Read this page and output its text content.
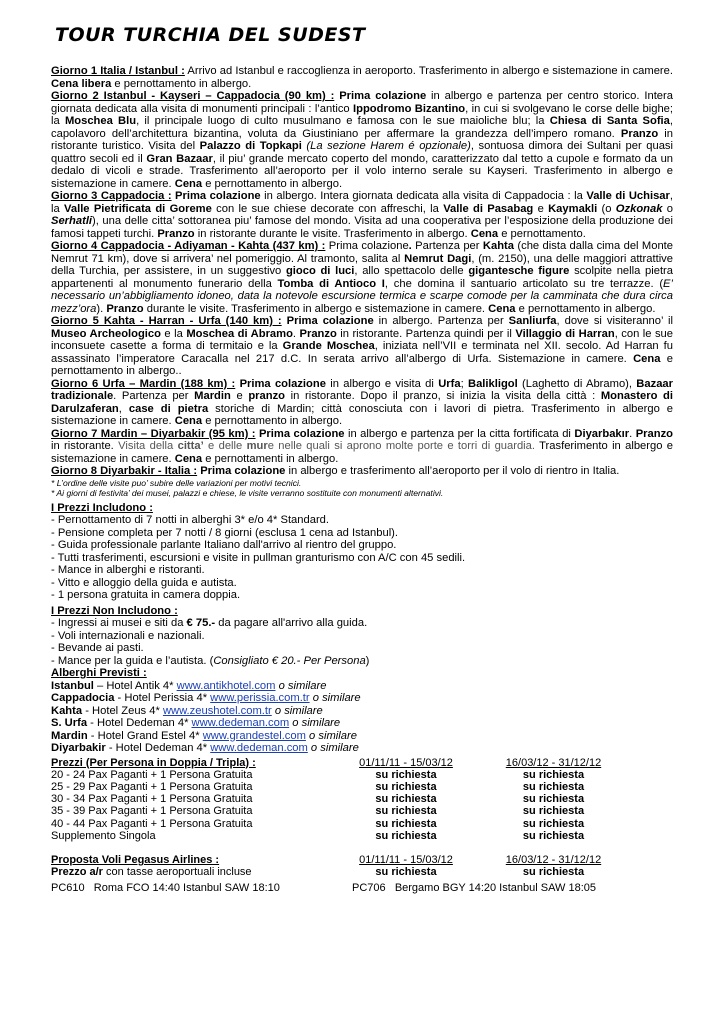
TOUR TURCHIA DEL SUDEST

Giorno 1 Italia / Istanbul : Arrivo ad Istanbul e raccoglienza in aeroporto. Trasferimento in albergo e sistemazione in camere. Cena libera e pernottamento in albergo.

Giorno 2 Istanbul - Kayseri – Cappadocia (90 km) : Prima colazione in albergo e partenza per centro storico. Intera giornata dedicata alla visita di monumenti principali : l’antico Ippodromo Bizantino, in cui si svolgevano le corse delle bighe; la Moschea Blu, il principale luogo di culto musulmano e famosa con le sue maioliche blu; la Chiesa di Santa Sofia, capolavoro dell’architettura bizantina, voluta da Giustiniano per affermare la grandezza dell’impero romano. Pranzo in ristorante turistico. Visita del Palazzo di Topkapi (La sezione Harem é opzionale), sontuosa dimora dei Sultani per quasi quattro secoli ed il Gran Bazaar, il piu’ grande mercato coperto del mondo, caratterizzato dal tetto a cupole e formato da un dedalo di vicoli e strade. Trasferimento all’aeroporto per il volo interno serale su Kayseri. Trasferimento in albergo e sistemazione in camere. Cena e pernottamento in albergo.

Giorno 3 Cappadocia : Prima colazione in albergo. Intera giornata dedicata alla visita di Cappadocia : la Valle di Uchisar, la Valle Pietrificata di Goreme con le sue chiese decorate con affreschi, la Valle di Pasabag e Kaymakli (o Ozkonak o Serhatli), una delle citta’ sottoranea piu’ famose del mondo. Visita ad una cooperativa per l’esposizione della produzione dei famosi tappeti turchi. Pranzo in ristorante durante le visite. Trasferimento in albergo. Cena e pernottamento.

Giorno 4 Cappadocia - Adiyaman - Kahta (437 km) : Prima colazione. Partenza per Kahta (che dista dalla cima del Monte Nemrut 71 km), dove si arrivera’ nel pomeriggio. Al tramonto, salita al Nemrut Dagi, (m. 2150), una delle maggiori attrattive della Turchia, per assistere, in un suggestivo gioco di luci, allo spettacolo delle gigantesche figure scolpite nella pietra appartenenti al monumento funerario della Tomba di Antioco I, che domina il santuario articolato su tre terrazze. (E’ necessario un’abbigliamento idoneo, data la notevole escursione termica e scarpe comode per la camminata che dura circa mezz’ora). Pranzo durante le visite. Trasferimento in albergo e sistemazione in camere. Cena e pernottamento in albergo.

Giorno 5 Kahta - Harran - Urfa (140 km) : Prima colazione in albergo. Partenza per Sanliurfa, dove si visiteranno’ il Museo Archeologico e la Moschea di Abramo. Pranzo in ristorante. Partenza quindi per il Villaggio di Harran, con le sue inconsuete casette a forma di termitaio e la Grande Moschea, iniziata nell’VII e terminata nel XII. secolo. Ad Harran fu assassinato l’imperatore Caracalla nel 217 d.C. In serata arrivo all’albergo di Urfa. Sistemazione in camere. Cena e pernottamento in albergo..

Giorno 6 Urfa – Mardin (188 km) : Prima colazione in albergo e visita di Urfa; Balikligol (Laghetto di Abramo), Bazaar tradizionale. Partenza per Mardin e pranzo in ristorante. Dopo il pranzo, si inizia la visita della città : Monastero di Darulzaferan, case di pietra storiche di Mardin; città conosciuta con i lavori di pietra. Trasferimento in albergo e sistemazione in camere. Cena e pernottamento in albergo.

Giorno 7 Mardin – Diyarbakir (95 km) : Prima colazione in albergo e partenza per la citta fortificata di Diyarbakır. Pranzo in ristorante. Visita della citta’ e delle mure nelle quali si aprono molte porte e torri di guardia. Trasferimento in albergo e sistemazione in camere. Cena e pernottamenti in albergo.

Giorno 8 Diyarbakir - Italia : Prima colazione in albergo e trasferimento all’aeroporto per il volo di rientro in Italia.

* L’ordine delle visite puo’ subire delle variazioni per motivi tecnici.
* Ai giorni di festivita’ dei musei, palazzi e chiese, le visite verranno sostituite con monumenti alternativi.
I Prezzi Includono :
- Pernottamento di 7 notti in alberghi 3* e/o 4* Standard.
- Pensione completa per 7 notti / 8 giorni (esclusa 1 cena ad Istanbul).
- Guida professionale parlante Italiano dall'arrivo al rientro del gruppo.
- Tutti trasferimenti, escursioni e visite in pullman granturismo con A/C con 45 sedili.
- Mance in alberghi e ristoranti.
- Vitto e alloggio della guida e autista.
- 1 persona gratuita in camera doppia.
I Prezzi Non Includono :
- Ingressi ai musei e siti da € 75.- da pagare all'arrivo alla guida.
- Voli internazionali e nazionali.
- Bevande ai pasti.
- Mance per la guida e l’autista. (Consigliato € 20.- Per Persona)
Alberghi Previsti :
Istanbul – Hotel Antik 4* www.antikhotel.com o similare
Cappadocia - Hotel Perissia 4* www.perissia.com.tr o similare
Kahta - Hotel Zeus 4* www.zeushotel.com.tr o similare
S. Urfa - Hotel Dedeman 4* www.dedeman.com o similare
Mardin - Hotel Grand Estel 4* www.grandestel.com o similare
Diyarbakir - Hotel Dedeman 4* www.dedeman.com o similare
Prezzi (Per Persona in Doppia / Tripla) :	01/11/11 - 15/03/12	16/03/12 - 31/12/12
20 - 24 Pax Paganti + 1 Persona Gratuita	su richiesta	su richiesta
25 - 29 Pax Paganti + 1 Persona Gratuita	su richiesta	su richiesta
30 - 34 Pax Paganti + 1 Persona Gratuita	su richiesta	su richiesta
35 - 39 Pax Paganti + 1 Persona Gratuita	su richiesta	su richiesta
40 - 44 Pax Paganti + 1 Persona Gratuita	su richiesta	su richiesta
Supplemento Singola	su richiesta	su richiesta

Proposta Voli Pegasus Airlines :	01/11/11 - 15/03/12	16/03/12 - 31/12/12
Prezzo a/r con tasse aeroportuali incluse	su richiesta	su richiesta
PC610   Roma FCO 14:40 Istanbul SAW 18:10	PC706   Bergamo BGY 14:20 Istanbul SAW 18:05
